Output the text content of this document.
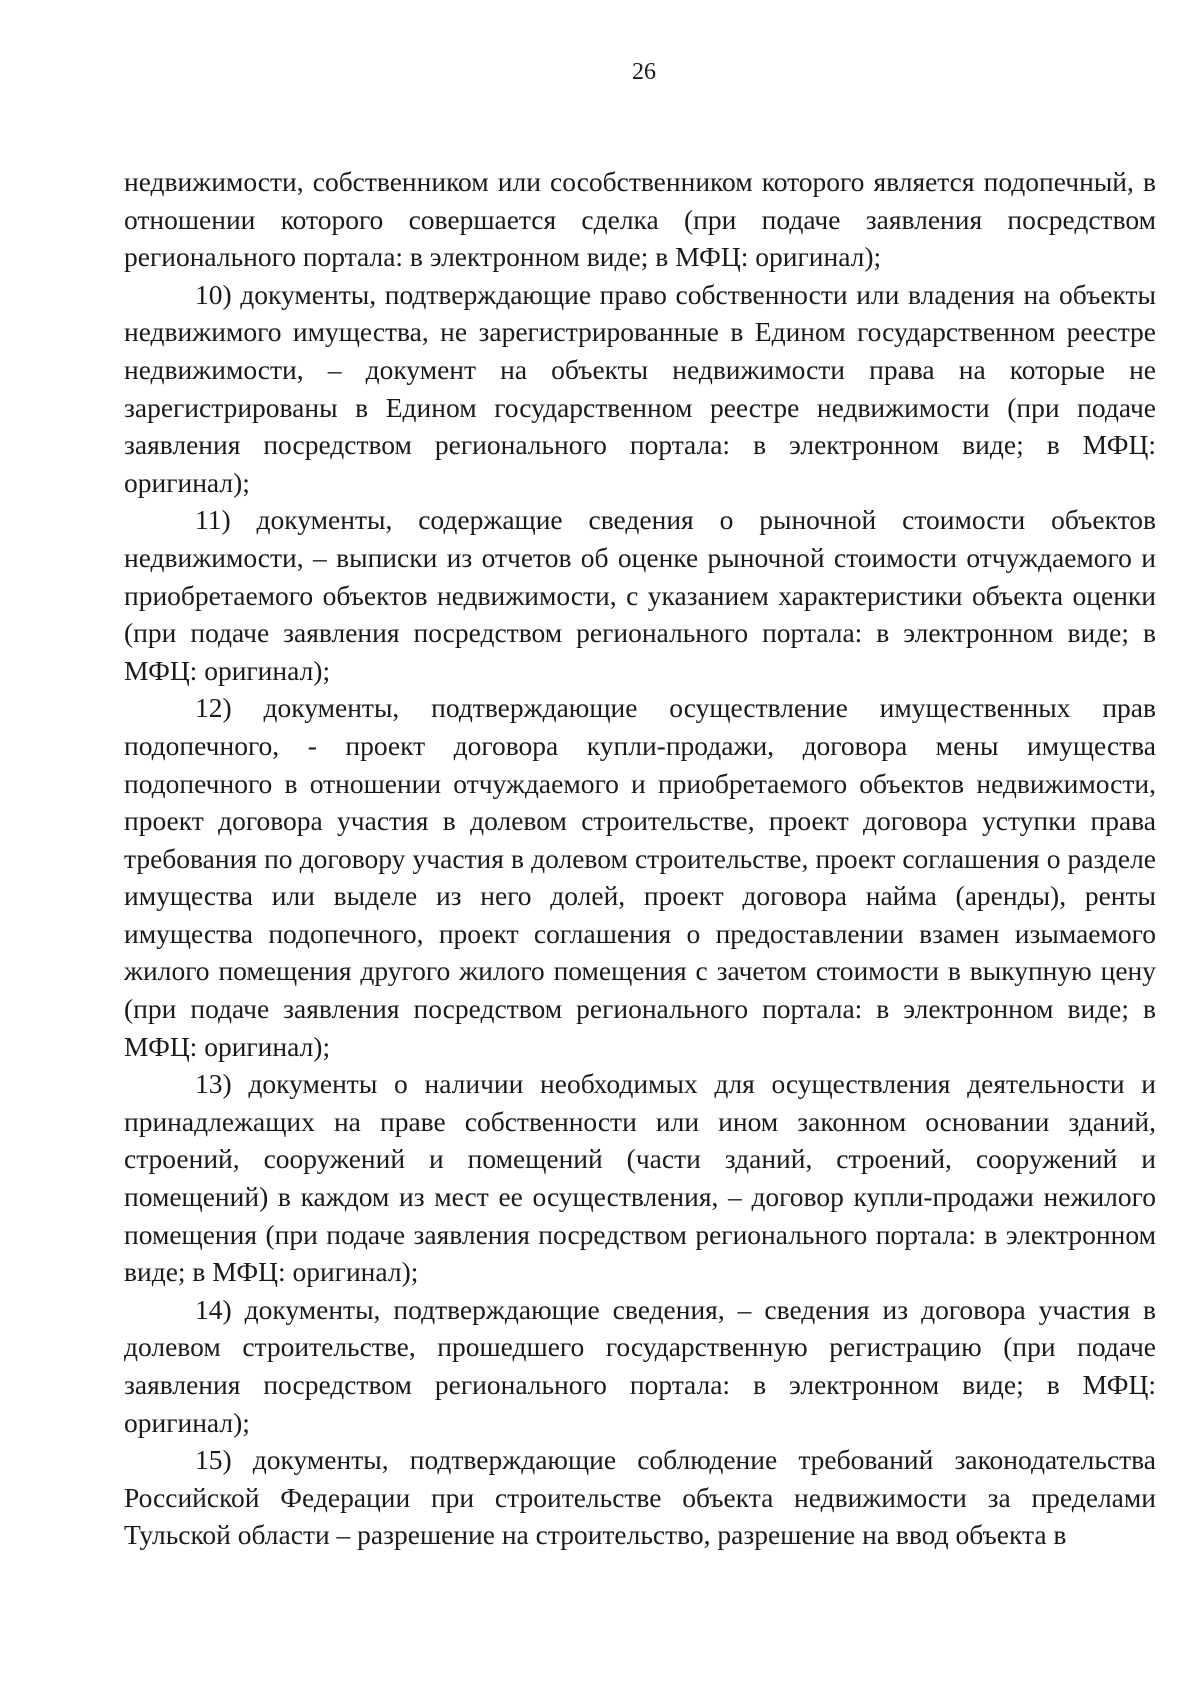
26

недвижимости, собственником или сособственником которого является подопечный, в отношении которого совершается сделка (при подаче заявления посредством регионального портала: в электронном виде; в МФЦ: оригинал);

10) документы, подтверждающие право собственности или владения на объекты недвижимого имущества, не зарегистрированные в Едином государственном реестре недвижимости, – документ на объекты недвижимости права на которые не зарегистрированы в Едином государственном реестре недвижимости (при подаче заявления посредством регионального портала: в электронном виде; в МФЦ: оригинал);

11) документы, содержащие сведения о рыночной стоимости объектов недвижимости, – выписки из отчетов об оценке рыночной стоимости отчуждаемого и приобретаемого объектов недвижимости, с указанием характеристики объекта оценки (при подаче заявления посредством регионального портала: в электронном виде; в МФЦ: оригинал);

12) документы, подтверждающие осуществление имущественных прав подопечного, - проект договора купли-продажи, договора мены имущества подопечного в отношении отчуждаемого и приобретаемого объектов недвижимости, проект договора участия в долевом строительстве, проект договора уступки права требования по договору участия в долевом строительстве, проект соглашения о разделе имущества или выделе из него долей, проект договора найма (аренды), ренты имущества подопечного, проект соглашения о предоставлении взамен изымаемого жилого помещения другого жилого помещения с зачетом стоимости в выкупную цену (при подаче заявления посредством регионального портала: в электронном виде; в МФЦ: оригинал);

13) документы о наличии необходимых для осуществления деятельности и принадлежащих на праве собственности или ином законном основании зданий, строений, сооружений и помещений (части зданий, строений, сооружений и помещений) в каждом из мест ее осуществления, – договор купли-продажи нежилого помещения (при подаче заявления посредством регионального портала: в электронном виде; в МФЦ: оригинал);

14) документы, подтверждающие сведения, – сведения из договора участия в долевом строительстве, прошедшего государственную регистрацию (при подаче заявления посредством регионального портала: в электронном виде; в МФЦ: оригинал);

15) документы, подтверждающие соблюдение требований законодательства Российской Федерации при строительстве объекта недвижимости за пределами Тульской области – разрешение на строительство, разрешение на ввод объекта в
